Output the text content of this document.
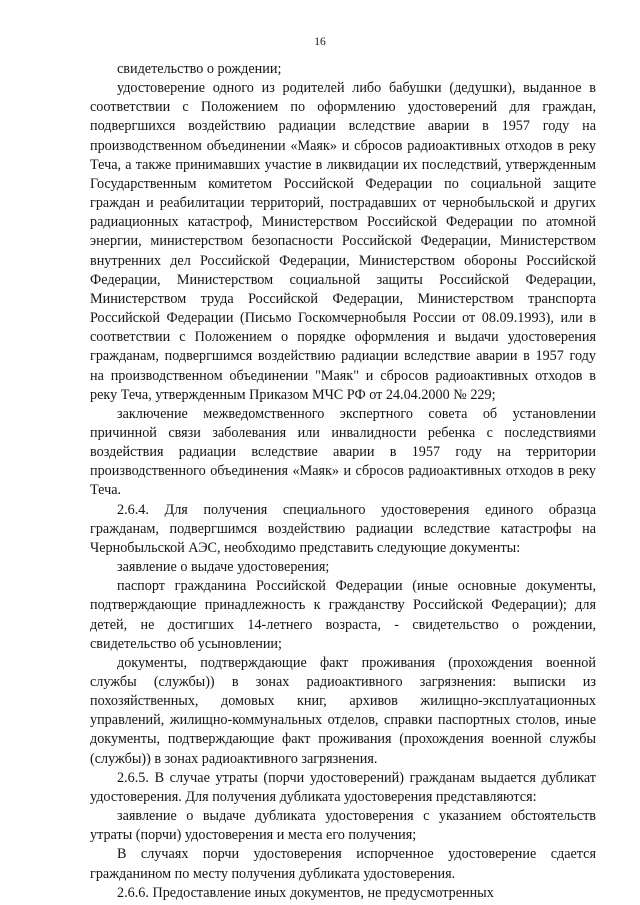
16

свидетельство о рождении;

удостоверение одного из родителей либо бабушки (дедушки), выданное в соответствии с Положением по оформлению удостоверений для граждан, подвергшихся воздействию радиации вследствие аварии в 1957 году на производственном объединении «Маяк» и сбросов радиоактивных отходов в реку Теча, а также принимавших участие в ликвидации их последствий, утвержденным Государственным комитетом Российской Федерации по социальной защите граждан и реабилитации территорий, пострадавших от чернобыльской и других радиационных катастроф, Министерством Российской Федерации по атомной энергии, министерством безопасности Российской Федерации, Министерством внутренних дел Российской Федерации, Министерством обороны Российской Федерации, Министерством социальной защиты Российской Федерации, Министерством труда Российской Федерации, Министерством транспорта Российской Федерации (Письмо Госкомчернобыля России от 08.09.1993), или в соответствии с Положением о порядке оформления и выдачи удостоверения гражданам, подвергшимся воздействию радиации вследствие аварии в 1957 году на производственном объединении "Маяк" и сбросов радиоактивных отходов в реку Теча, утвержденным Приказом МЧС РФ от 24.04.2000 № 229;

заключение межведомственного экспертного совета об установлении причинной связи заболевания или инвалидности ребенка с последствиями воздействия радиации вследствие аварии в 1957 году на территории производственного объединения «Маяк» и сбросов радиоактивных отходов в реку Теча.

2.6.4. Для получения специального удостоверения единого образца гражданам, подвергшимся воздействию радиации вследствие катастрофы на Чернобыльской АЭС, необходимо представить следующие документы:

заявление о выдаче удостоверения;

паспорт гражданина Российской Федерации (иные основные документы, подтверждающие принадлежность к гражданству Российской Федерации); для детей, не достигших 14-летнего возраста, - свидетельство о рождении, свидетельство об усыновлении;

документы, подтверждающие факт проживания (прохождения военной службы (службы)) в зонах радиоактивного загрязнения: выписки из похозяйственных, домовых книг, архивов жилищно-эксплуатационных управлений, жилищно-коммунальных отделов, справки паспортных столов, иные документы, подтверждающие факт проживания (прохождения военной службы (службы)) в зонах радиоактивного загрязнения.

2.6.5. В случае утраты (порчи удостоверений) гражданам выдается дубликат удостоверения. Для получения дубликата удостоверения представляются:

заявление о выдаче дубликата удостоверения с указанием обстоятельств утраты (порчи) удостоверения и места его получения;

В случаях порчи удостоверения испорченное удостоверение сдается гражданином по месту получения дубликата удостоверения.

2.6.6. Предоставление иных документов, не предусмотренных
